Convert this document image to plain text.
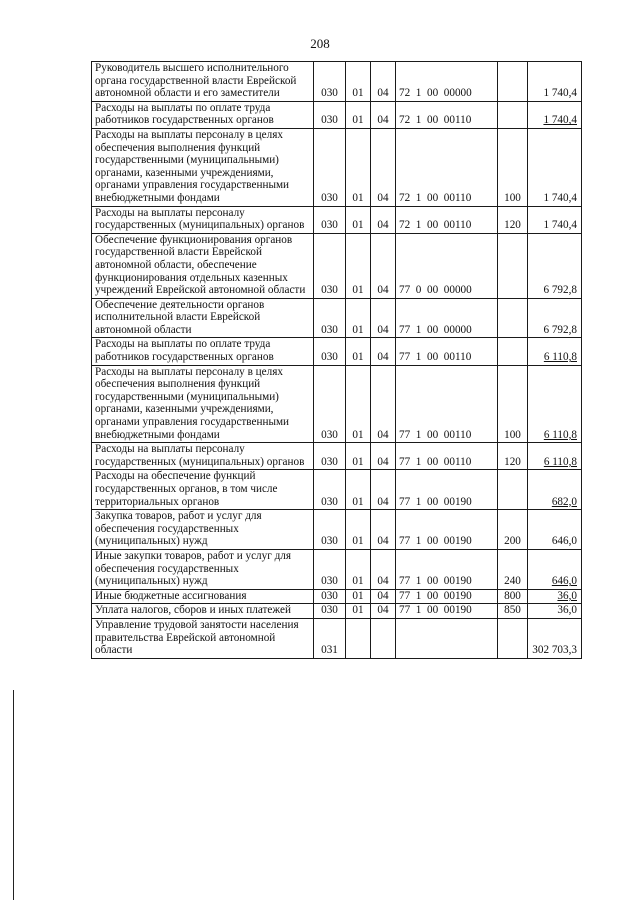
208
Руководитель высшего исполнительного органа государственной власти Еврейской автономной области и его заместители	030	01	04	72  1  00  00000		1 740,4
Расходы на выплаты по оплате труда работников государственных органов	030	01	04	72  1  00  00110		1 740,4
Расходы на выплаты персоналу в целях обеспечения выполнения функций государственными (муниципальными) органами, казенными учреждениями, органами управления государственными внебюджетными фондами	030	01	04	72  1  00  00110	100	1 740,4
Расходы на выплаты персоналу государственных (муниципальных) органов	030	01	04	72  1  00  00110	120	1 740,4
Обеспечение функционирования органов государственной власти Еврейской автономной области, обеспечение функционирования отдельных казенных учреждений Еврейской автономной области	030	01	04	77  0  00  00000		6 792,8
Обеспечение деятельности органов исполнительной власти Еврейской автономной области	030	01	04	77  1  00  00000		6 792,8
Расходы на выплаты по оплате труда работников государственных органов	030	01	04	77  1  00  00110		6 110,8
Расходы на выплаты персоналу в целях обеспечения выполнения функций государственными (муниципальными) органами, казенными учреждениями, органами управления государственными внебюджетными фондами	030	01	04	77  1  00  00110	100	6 110,8
Расходы на выплаты персоналу государственных (муниципальных) органов	030	01	04	77  1  00  00110	120	6 110,8
Расходы на обеспечение функций государственных органов, в том числе территориальных органов	030	01	04	77  1  00  00190		682,0
Закупка товаров, работ и услуг для обеспечения государственных (муниципальных) нужд	030	01	04	77  1  00  00190	200	646,0
Иные закупки товаров, работ и услуг для обеспечения государственных (муниципальных) нужд	030	01	04	77  1  00  00190	240	646,0
Иные бюджетные ассигнования	030	01	04	77  1  00  00190	800	36,0
Уплата налогов, сборов и иных платежей	030	01	04	77  1  00  00190	850	36,0
Управление трудовой занятости населения правительства Еврейской автономной области	031					302 703,3
